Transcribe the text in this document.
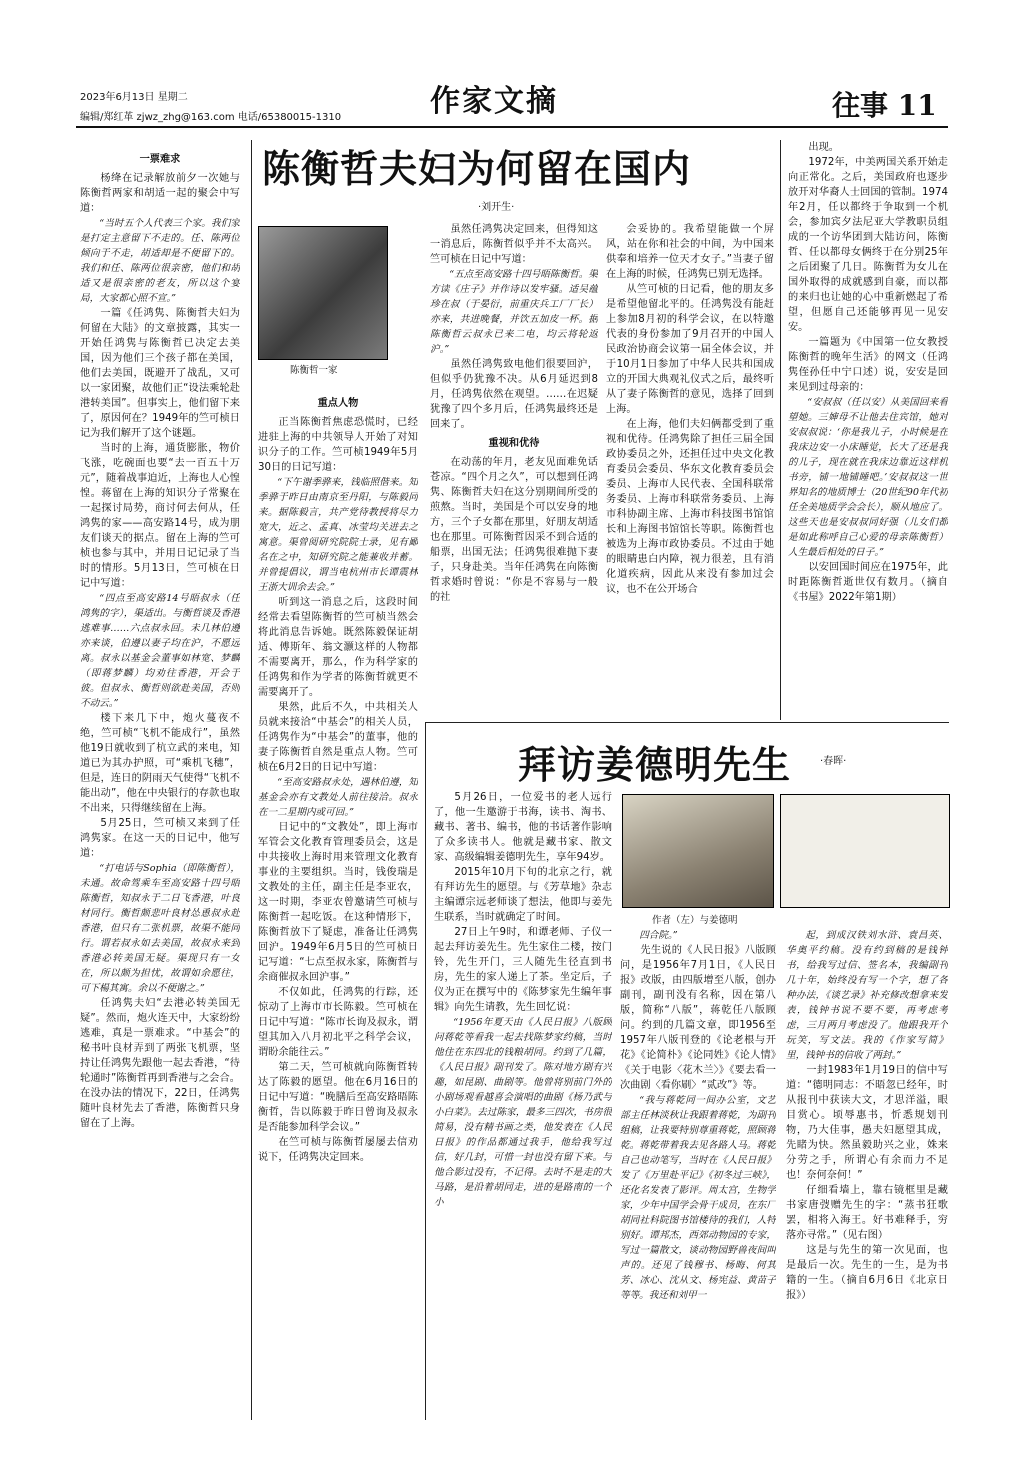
2023年6月13日 星期二
编辑/郑红革 zjwz_zhg@163.com 电话/65380015-1310	作家文摘	往事 11
陈衡哲夫妇为何留在国内
·刘开生·
陈衡哲一家

一票难求

杨绛在记录解放前夕一次她与陈衡哲两家和胡适一起的聚会中写道：

“当时五个人代表三个家。我们家是打定主意留下不走的。任、陈两位倾向于不走，胡适却是不便留下的。我们和任、陈两位很亲密，他们和胡适又是很亲密的老友，所以这个宴局，大家都心照不宣。”

一篇《任鸿隽、陈衡哲夫妇为何留在大陆》的文章披露，其实一开始任鸿隽与陈衡哲已决定去美国，因为他们三个孩子都在美国，他们去美国，既避开了战乱，又可以一家团聚，故他们正“设法乘轮赴港转美国”。但事实上，他们留下来了，原因何在？1949年的竺可桢日记为我们解开了这个谜题。

当时的上海，通货膨胀，物价飞涨，吃碗面也要“去一百五十万元”，随着战事迫近，上海也人心惶惶。蒋留在上海的知识分子常聚在一起探讨局势，商讨何去何从，任鸿隽的家——高安路14号，成为朋友们谈天的据点。留在上海的竺可桢也参与其中，并用日记记录了当时的情形。5月13日，竺可桢在日记中写道：

“四点至高安路14号晤叔永（任鸿隽的字），渠适出。与衡哲谈及香港逃难事……六点叔永回。未几林伯遵亦来谈，伯遵以妻子均在沪，不愿远离。叔永以基金会董事如林宽、梦麟（即蒋梦麟）均劝往香港，开会于彼。但叔永、衡哲则欲赴美国，否则不动云。”

楼下来几下中，炮火蔓夜不绝，竺可桢“飞机不能成行”，虽然他19日就收到了杭立武的来电，知道已为其办护照，可“乘机飞穗”，但是，连日的阴雨天气使得“飞机不能出动”，他在中央银行的存款也取不出来，只得继续留在上海。

5月25日，竺可桢又来到了任鸿隽家。在这一天的日记中，他写道：

“打电话与Sophia（即陈衡哲），未通。故命驾乘车至高安路十四号晤陈衡哲，知叔永于二日飞香港，叶良材同行。衡哲颇悲叶良材怂恿叔永赴香港，但只有二张机票，故渠不能同行。谓若叔永如去美国，故叔永来到香港必转美国无疑。渠现只有一女在，所以颇为担忧，故谓如余愿往，可下楊其寓。余以不便谢之。”

任鸿隽夫妇“去港必转美国无疑”。然而，炮火连天中，大家纷纷逃难，真是一票难求。“中基会”的秘书叶良材弄到了两张飞机票，坚持让任鸿隽先跟他一起去香港，“待轮通时”陈衡哲再到香港与之会合。在没办法的情况下，22日，任鸿隽随叶良材先去了香港，陈衡哲只身留在了上海。

重点人物

正当陈衡哲焦虑恐慌时，已经进驻上海的中共领导人开始了对知识分子的工作。竺可桢1949年5月30日的日记写道：

“下午谢季骅来，钱临照偕来。知季骅于昨日由南京至丹阳，与陈毅同来。据陈毅言，共产党待教授将尽力宽大，近之、孟真、冰莹均关进去之寓意。渠曾阅研究院院士录，见有鄙名在之中，知研究院之能兼收并蓄。并曾提倡议，谓当电杭州市长谭震林王浙大训余去会。”

听到这一消息之后，这段时间经常去看望陈衡哲的竺可桢当然会将此消息告诉她。既然陈毅保证胡适、傅斯年、翁文灏这样的人物都不需要离开，那么，作为科学家的任鸿隽和作为学者的陈衡哲就更不需要离开了。

果然，此后不久，中共相关人员就来接洽“中基会”的相关人员，任鸿隽作为“中基会”的董事，他的妻子陈衡哲自然是重点人物。竺可桢在6月2日的日记中写道：

“至高安路叔永处，遇林伯遵，知基金会亦有文教处人前往接洽。叔永在一二星期内或可回。”

日记中的“文教处”，即上海市军管会文化教育管理委员会，这是中共接收上海时用来管理文化教育事业的主要组织。当时，钱俊瑞是文教处的主任，副主任是李亚农，这一时期，李亚农曾邀请竺可桢与陈衡哲一起吃饭。在这种情形下，陈衡哲放下了疑虑，准备让任鸿隽回沪。1949年6月5日的竺可桢日记写道：“七点至叔永家，陈衡哲与余商催叔永回沪事。”

不仅如此，任鸿隽的行踪，还惊动了上海市市长陈毅。竺可桢在日记中写道：“陈市长询及叔永，谓望其加入八月初北平之科学会议，谓盼余能往云。”

第二天，竺可桢就向陈衡哲转达了陈毅的愿望。他在6月16日的日记中写道：“晚膳后至高安路晤陈衡哲，告以陈毅于昨日曾询及叔永是否能参加科学会议。”

在竺可桢与陈衡哲屡屡去信劝说下，任鸿隽决定回来。

虽然任鸿隽决定回来，但得知这一消息后，陈衡哲似乎并不太高兴。竺可桢在日记中写道：

“五点至高安路十四号晤陈衡哲。渠方读《庄子》并作诗以发牢骚。适吴蕴珍在叔（于晏衍，前重庆兵工厂厂长）亦来，共进晚餐，并饮五加皮一杯。据陈衡哲云叔永已来二电，均云将轮返沪。”

虽然任鸿隽致电他们很要回沪，但似乎仍犹豫不决。从6月延迟到8月，任鸿隽依然在观望。……在迟疑犹豫了四个多月后，任鸿隽最终还是回来了。

重视和优待

在动荡的年月，老友见面难免话苍凉。“四个月之久”，可以想到任鸿隽、陈衡哲夫妇在这分别期间所受的煎熬。当时，美国是个可以安身的地方，三个子女都在那里，好朋友胡适也在那里。可陈衡哲因采不到合适的船票，出国无法；任鸿隽很难抛下妻子，只身赴美。当年任鸿隽在向陈衡哲求婚时曾说：“你是不容易与一般的社

会妥协的。我希望能做一个屏风，站在你和社会的中间，为中国来供奉和培养一位天才女子。”当妻子留在上海的时候，任鸿隽已别无选择。

从竺可桢的日记看，他的朋友多是希望他留北平的。任鸿隽没有能赶上参加8月初的科学会议，在以特邀代表的身份参加了9月召开的中国人民政治协商会议第一届全体会议，并于10月1日参加了中华人民共和国成立的开国大典观礼仪式之后，最终听从了妻子陈衡哲的意见，选择了回到上海。

在上海，他们夫妇俩都受到了重视和优待。任鸿隽除了担任三届全国政协委员之外，还担任过中央文化教育委员会委员、华东文化教育委员会委员、上海市人民代表、全国科联常务委员、上海市科联常务委员、上海市科协副主席、上海市科技图书馆馆长和上海图书馆馆长等职。陈衡哲也被选为上海市政协委员。不过由于她的眼睛患白内障，视力很差，且有消化道疾病，因此从来没有参加过会议，也不在公开场合

出现。

1972年，中美两国关系开始走向正常化。之后，美国政府也逐步放开对华裔人士回国的管制。1974年2月，任以都终于争取到一个机会，参加宾夕法尼亚大学教职员组成的一个访华团到大陆访问，陈衡哲、任以都母女俩终于在分别25年之后团聚了几日。陈衡哲为女儿在国外取得的成就感到自豪，而以都的来归也让她的心中重新燃起了希望，但愿自己还能够再见一见安安。

一篇题为《中国第一位女教授陈衡哲的晚年生活》的网文（任鸿隽侄孙任中宁口述）说，安安是回来见到过母亲的：

“安叔叔（任以安）从美国回来看望她。三婶母不让他去住宾馆，她对安叔叔说：‘你是我儿子，小时候是在我床边安一小床睡觉，长大了还是我的儿子，现在就在我床边靠近这样机书旁，铺一地铺睡吧。’安叔叔这一世界知名的地质博士（20世纪90年代初任全美地质学会会长），顺从地应了。这些天也是安叔叔同好强（儿女们都是如此称呼自己心爱的母亲陈衡哲）人生最后相处的日子。”

以安回国时间应在1975年，此时距陈衡哲逝世仅有数月。（摘自《书屋》2022年第1期）

拜访姜德明先生	·春晖·
作者（左）与姜德明

5月26日，一位爱书的老人远行了，他一生邀游于书海，读书、淘书、藏书、著书、编书，他的书话著作影响了众多读书人。他就是藏书家、散文家、高级编辑姜德明先生，享年94岁。

2015年10月下旬的北京之行，就有拜访先生的愿望。与《芳草地》杂志主编谭宗远老师谈了想法，他即与姜先生联系，当时就确定了时间。

27日上午9时，和谭老师、子仪一起去拜访姜先生。先生家住二楼，按门铃，先生开门，三人随先生径直到书房，先生的家人递上了茶。坐定后，子仪为正在撰写中的《陈梦家先生编年事辑》向先生请教，先生回忆说：

“1956年夏天由《人民日报》八版顾问蒋乾等看我一起去找陈梦家约稿，当时他住在东四北的钱粮胡同。约到了几篇，《人民日报》副刊发了。陈对地方剧有兴趣，如昆剧、曲剧等。他曾将别前门外的小剧场观看越喜会演唱的曲剧《杨乃武与小白菜》。去过陈家，最多三四次，书房很简易，没有精书画之类，他发表在《人民日报》的作品都通过我手，他给我写过信，好几封，可惜一封也没有留下来。与他合影过没有，不记得。去时不是走的大马路，是沿着胡同走，进的是路南的一个小

四合院。”

先生说的《人民日报》八版顾问，是1956年7月1日，《人民日报》改版，由四版增至八版，创办副刊，副刊没有名称，因在第八版，简称“八版”，蒋乾任八版顾问。约到的几篇文章，即1956至1957年八版刊登的《论老根与开花》《论简朴》《论同姓》《论人情》《关于电影〈花木兰〉》《要去看一次曲剧〈看你刷〉“贰改”》等。

“我与蒋乾同一间办公室，文艺部主任林淡秋让我跟着蒋乾，为副刊组稿，让我要特别尊重蒋乾，照顾蒋乾。蒋乾带着我去见各路人马。蒋乾自己也动笔写，当时在《人民日报》发了《万里赴平记》《初冬过三峡》，还化名发表了影评。周太宫，生物学家，少年中国学会骨干成员，在东厂胡同社科院图书馆楼待的我们，人特别好。谭邦杰，西郊动物园的专家，写过一篇散文，谈动物园野兽夜间叫声的。还见了钱穆书、杨晦、何其芳、冰心、沈从文、杨宪益、黄苗子等等。我还和刘甲一

起，到成汉铁刘水浒、袁昌英、华奥平约稿。没有约到稿的是钱钟书，给我写过信、签名本，我编副刊几十年，始终没有写一个字，想了各种办法，《谈艺录》补充修改想拿来发表，钱钟书说不要不要，再考虑考虑，三月两月考虑没了。他跟我开个玩笑，写文法。我的《作家写简》里，钱钟书的信收了两封。”

一封1983年1月19日的信中写道：“德明同志：不晤忽已经年，时从报刊中获读大文，才思洋溢，眼目赏心。顷辱惠书，忻悉规划刊物，乃大佳事，愚夫妇愿望其成，先睹为快。然虽毅助兴之业，姝来分劳之手，所谓心有余而力不足也！奈何奈何！”

仔细看墙上，靠右镜框里是藏书家唐弢赠先生的字：“蒸书狂歌罢，相将入海王。好书难释手，穷落亦寻常。”（见右图）

这是与先生的第一次见面，也是最后一次。先生的一生，是为书籍的一生。（摘自6月6日《北京日报》）
